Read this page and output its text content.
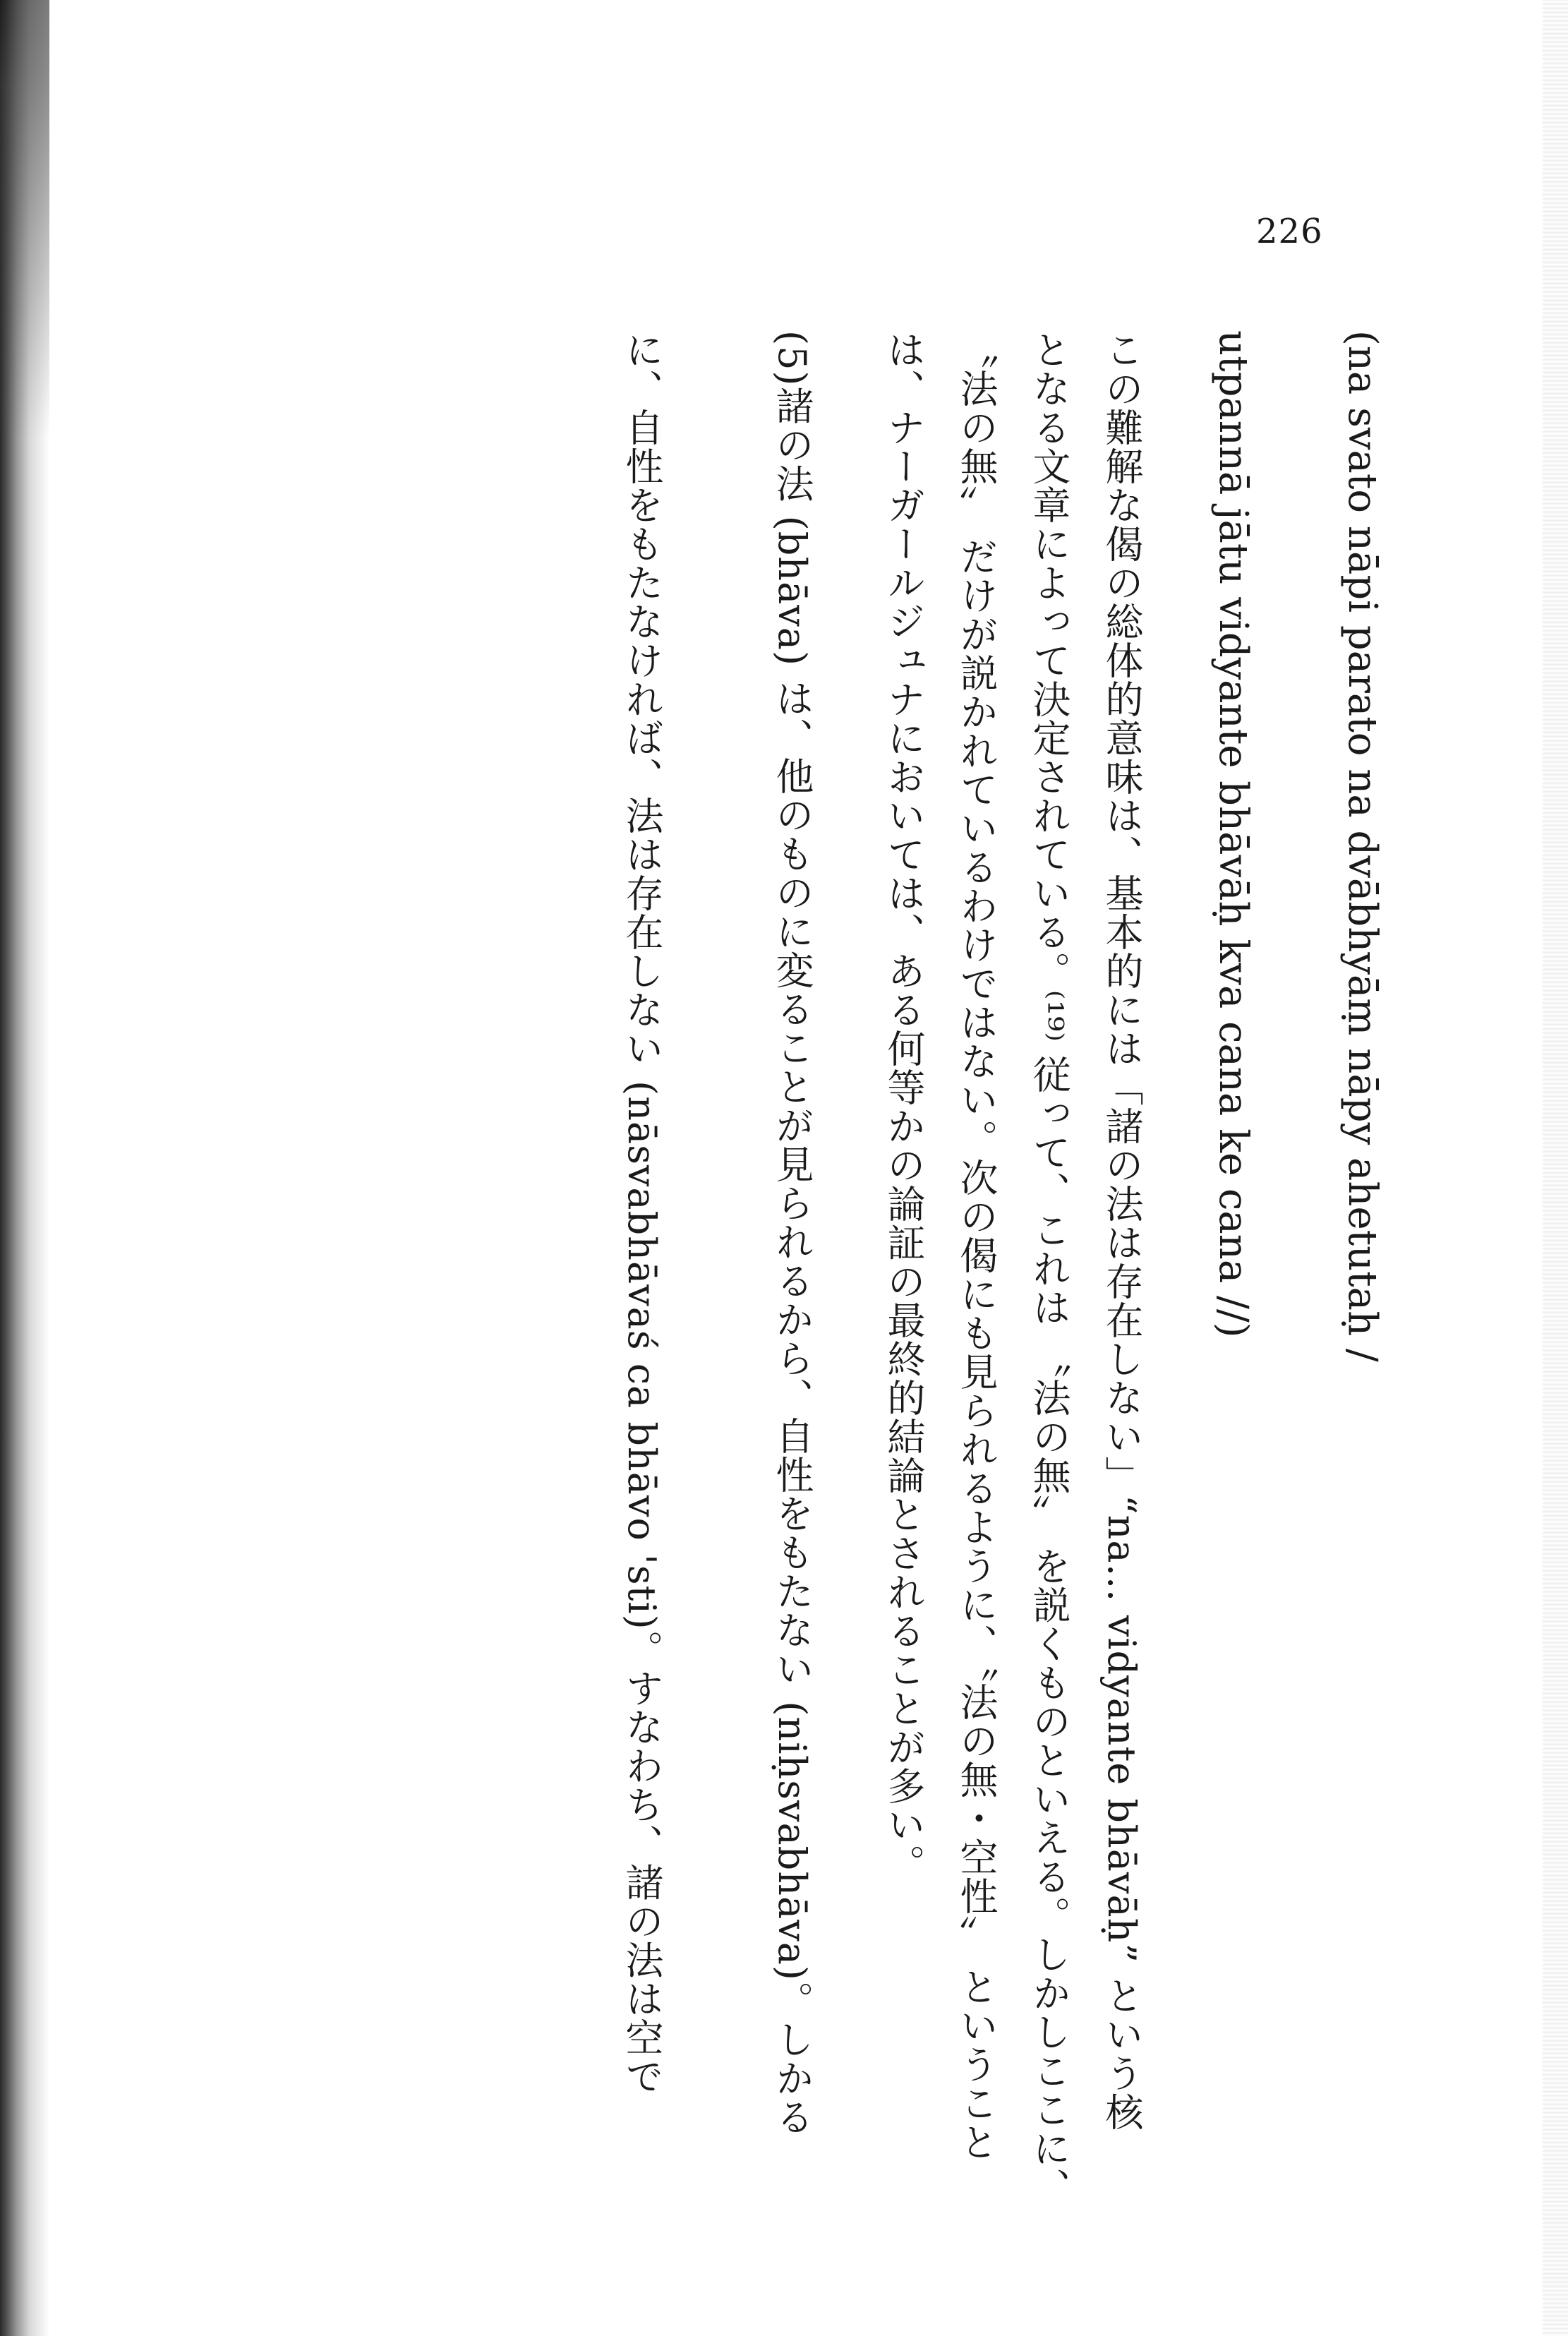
226
(na svato nāpi parato na dvābhyāṃ nāpy ahetutaḥ /
utpannā jātu vidyante bhāvāḥ kva cana ke cana //)
この難解な偈の総体的意味は、基本的には「諸の法は存在しない」“na… vidyante bhāvāḥ” という核
となる文章によって決定されている。⁽¹⁹⁾ 従って、これは 〝法の無〟 を説くものといえる。しかしここに、
〝法の無〟 だけが説かれているわけではない。次の偈にも見られるように、〝法の無・空性〟 ということ
は、ナーガールジュナにおいては、ある何等かの論証の最終的結論とされることが多い。
(5)諸の法 (bhāva) は、他のものに変ることが見られるから、自性をもたない (niḥsvabhāva)。しかる
に、自性をもたなければ、法は存在しない (nāsvabhāvaś ca bhāvo 'sti)。すなわち、諸の法は空で
